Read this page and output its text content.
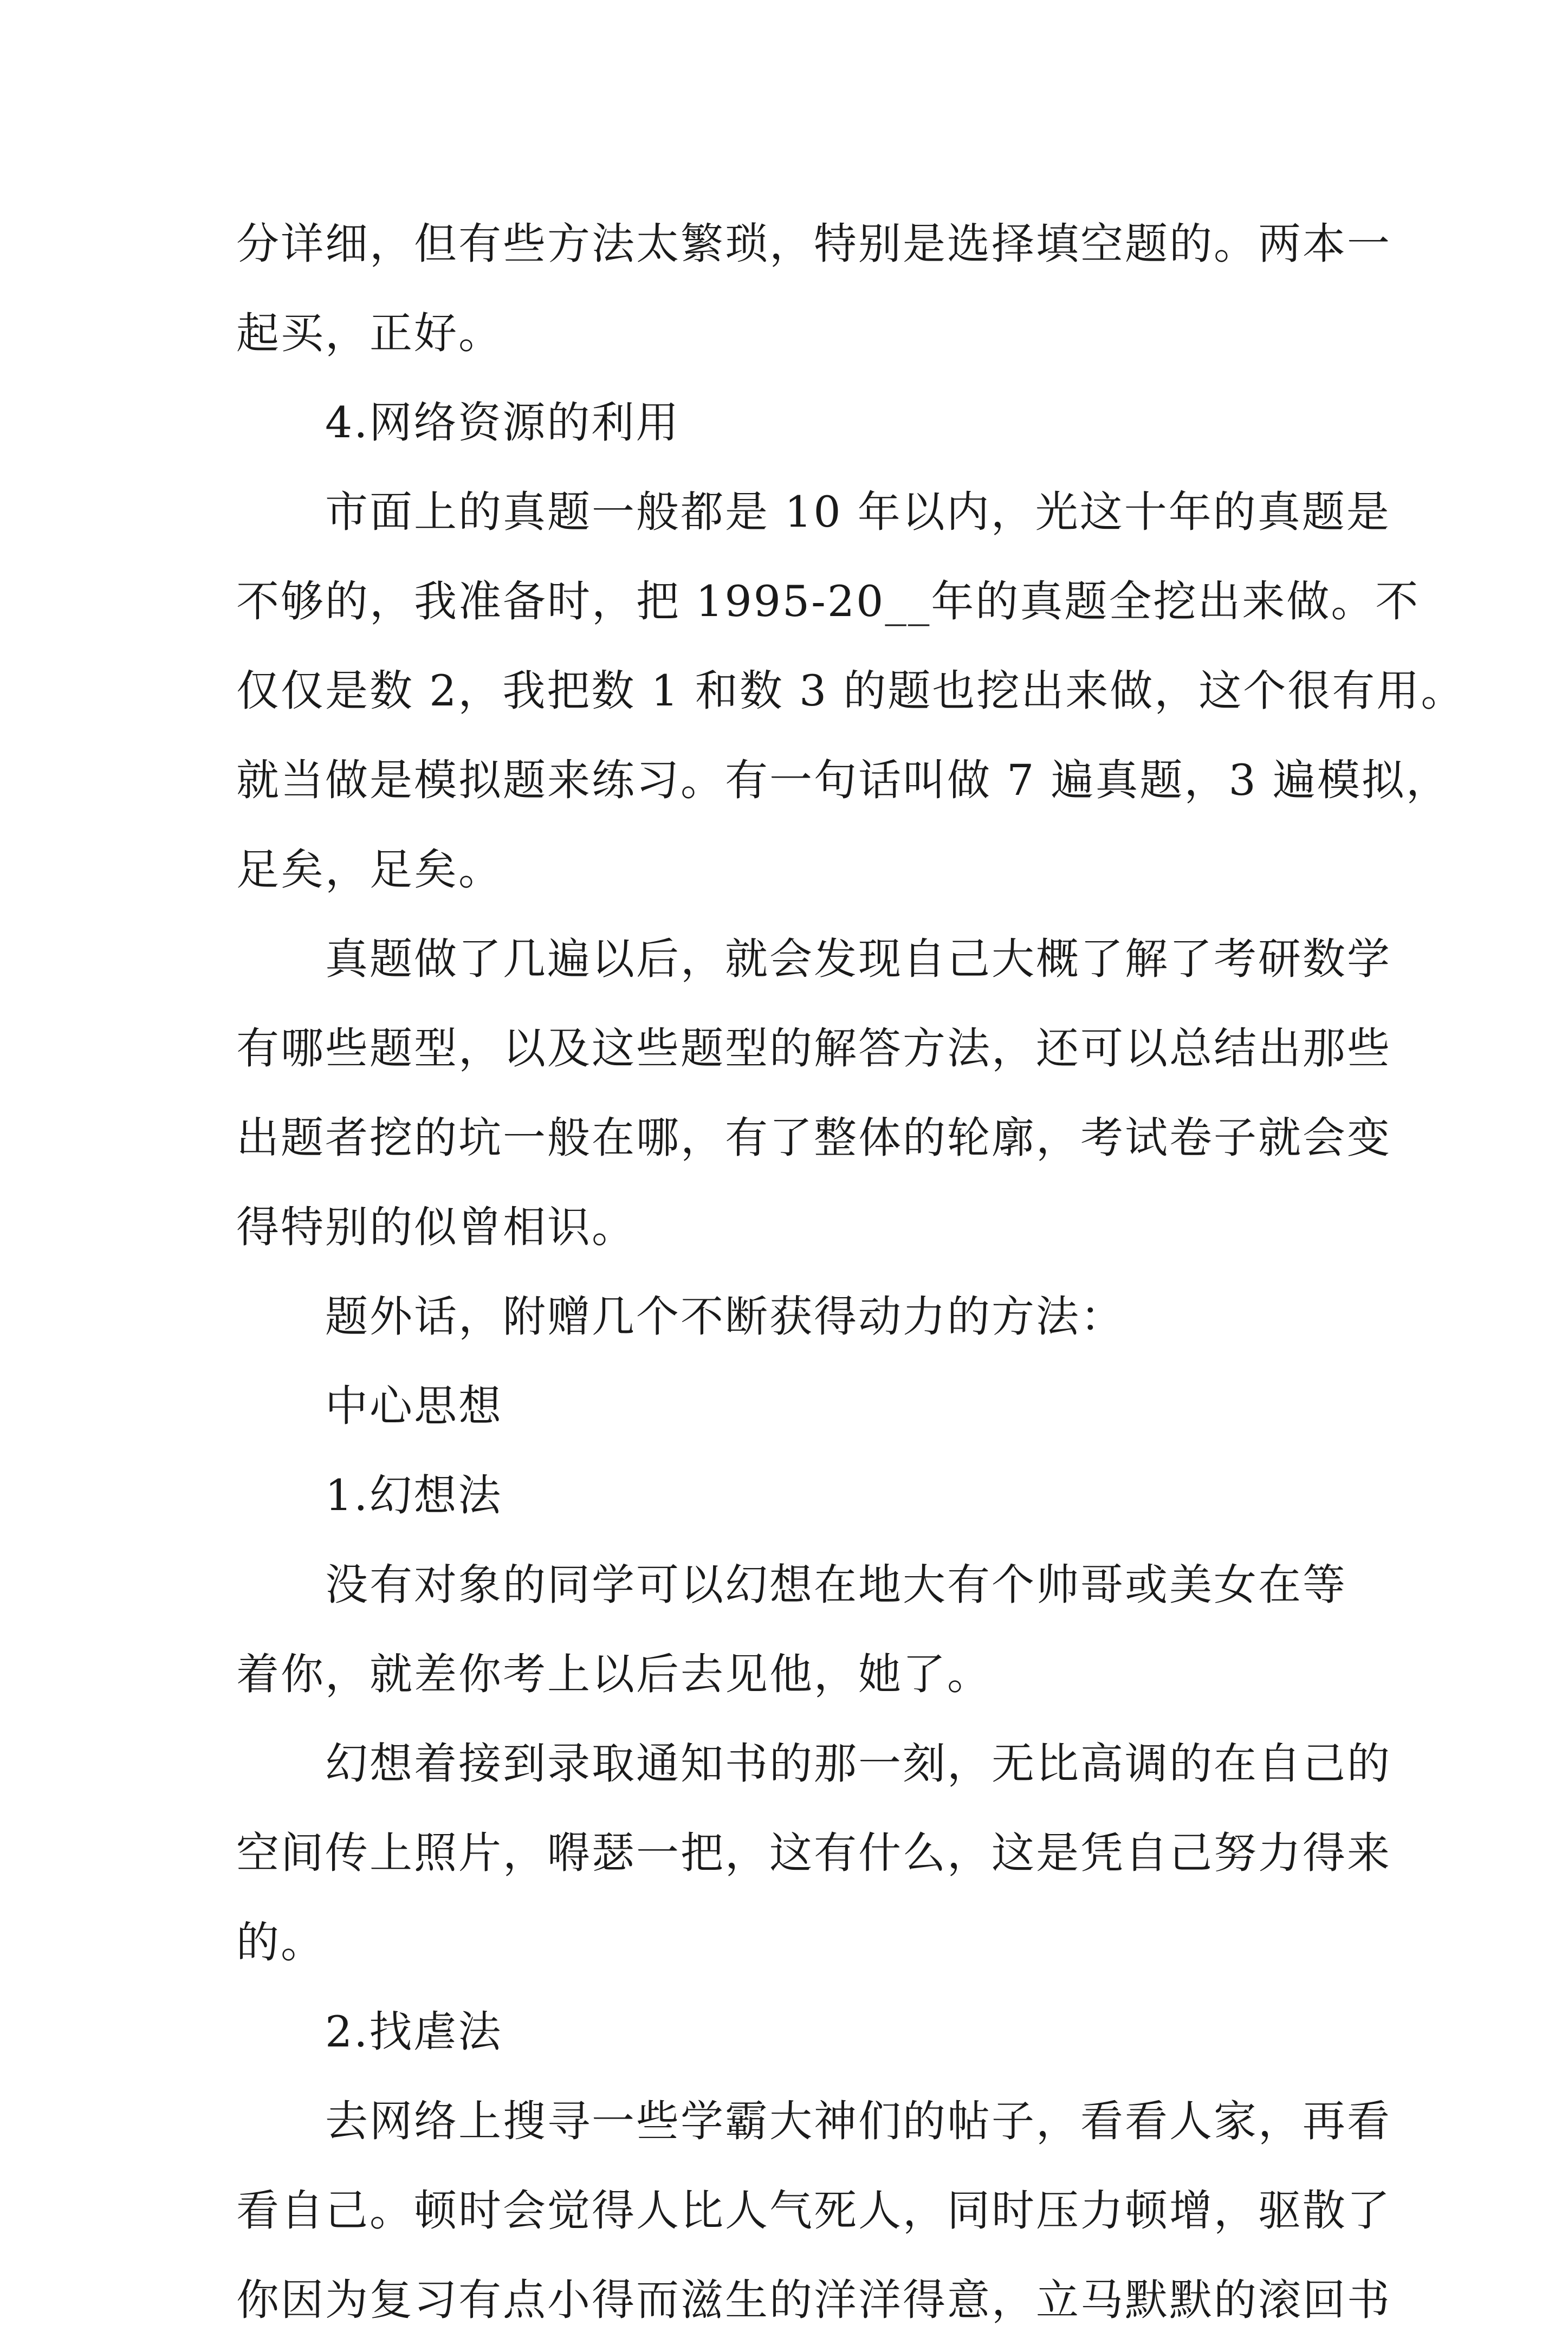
分详细，但有些方法太繁琐，特别是选择填空题的。两本一
起买，正好。
4.网络资源的利用
市面上的真题一般都是 10 年以内，光这十年的真题是
不够的，我准备时，把 1995-20__年的真题全挖出来做。不
仅仅是数 2，我把数 1 和数 3 的题也挖出来做，这个很有用。
就当做是模拟题来练习。有一句话叫做 7 遍真题，3 遍模拟，
足矣，足矣。
真题做了几遍以后，就会发现自己大概了解了考研数学
有哪些题型，以及这些题型的解答方法，还可以总结出那些
出题者挖的坑一般在哪，有了整体的轮廓，考试卷子就会变
得特别的似曾相识。
题外话，附赠几个不断获得动力的方法：
中心思想
1.幻想法
没有对象的同学可以幻想在地大有个帅哥或美女在等
着你，就差你考上以后去见他，她了。
幻想着接到录取通知书的那一刻，无比高调的在自己的
空间传上照片，嘚瑟一把，这有什么，这是凭自己努力得来
的。
2.找虐法
去网络上搜寻一些学霸大神们的帖子，看看人家，再看
看自己。顿时会觉得人比人气死人，同时压力顿增，驱散了
你因为复习有点小得而滋生的洋洋得意，立马默默的滚回书
